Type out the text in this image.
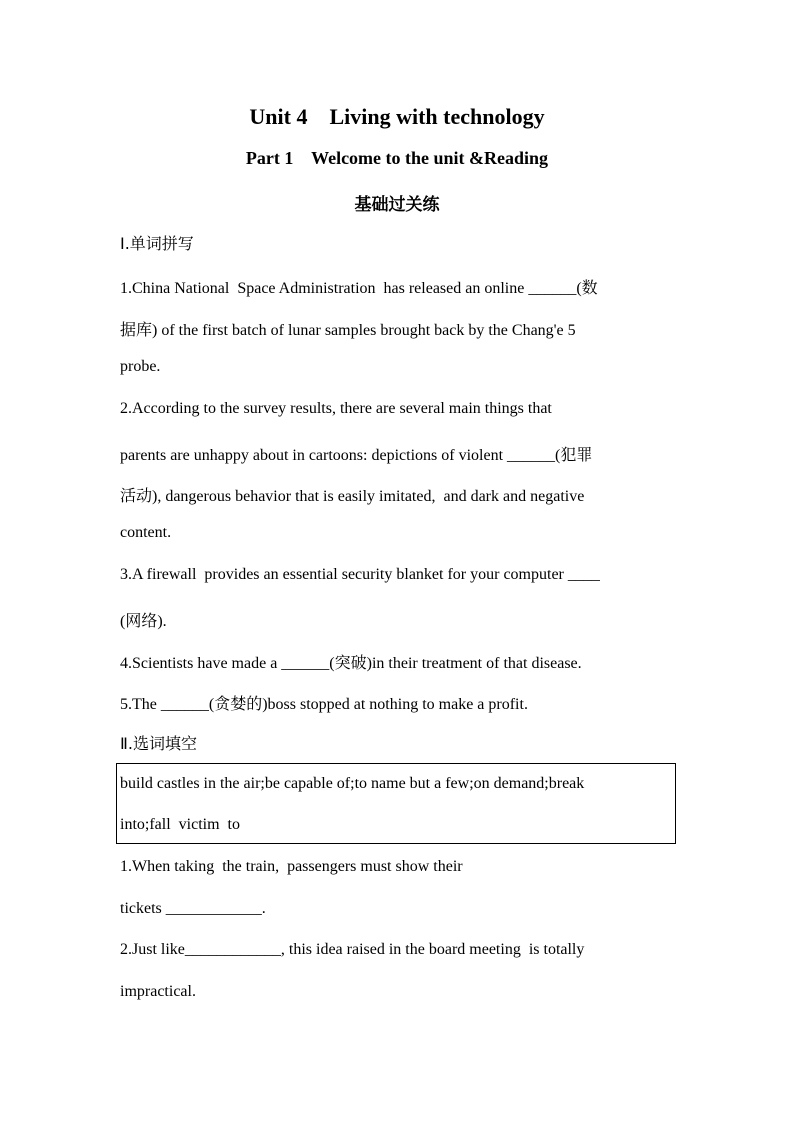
Unit 4    Living with technology
Part 1    Welcome to the unit &Reading
基础过关练
Ⅰ.单词拼写
1.China National  Space Administration  has released an online ______(数
据库) of the first batch of lunar samples brought back by the Chang'e 5
probe.
2.According to the survey results, there are several main things that
parents are unhappy about in cartoons: depictions of violent ______(犯罪
活动), dangerous behavior that is easily imitated,  and dark and negative
content.
3.A firewall  provides an essential security blanket for your computer ____
(网络).
4.Scientists have made a ______(突破)in their treatment of that disease.
5.The ______(贪婪的)boss stopped at nothing to make a profit.
Ⅱ.选词填空
build castles in the air;be capable of;to name but a few;on demand;break
into;fall  victim  to
1.When taking  the train,  passengers must show their
tickets ____________.
2.Just like____________, this idea raised in the board meeting  is totally
impractical.
